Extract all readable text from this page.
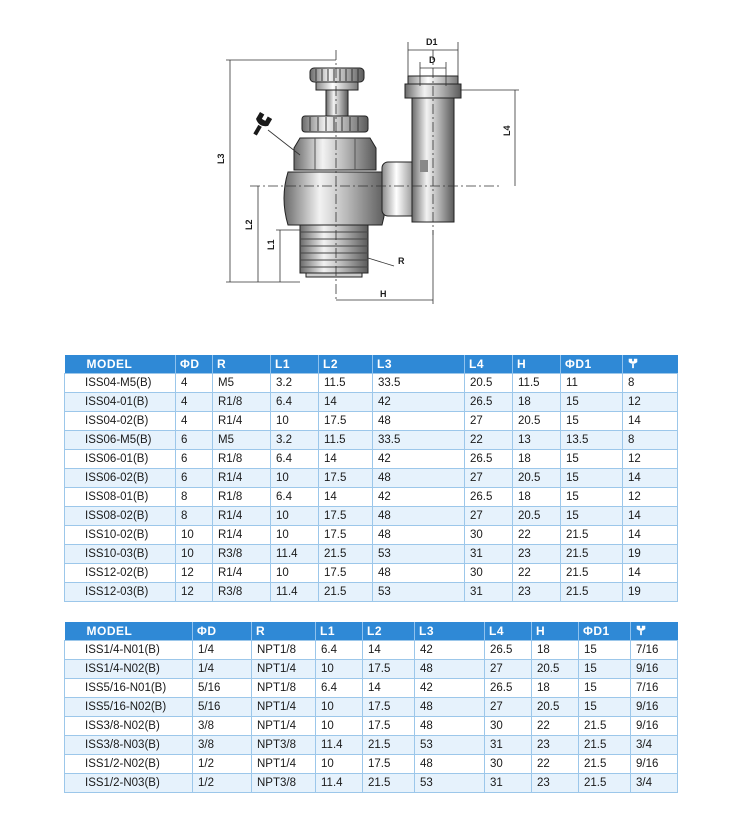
D1
D
L4
L3
L2
L1
R
H
MODEL	ΦD	R	L1	L2	L3	L4	H	ΦD1	
ISS04-M5(B)	4	M5	3.2	11.5	33.5	20.5	11.5	11	8
ISS04-01(B)	4	R1/8	6.4	14	42	26.5	18	15	12
ISS04-02(B)	4	R1/4	10	17.5	48	27	20.5	15	14
ISS06-M5(B)	6	M5	3.2	11.5	33.5	22	13	13.5	8
ISS06-01(B)	6	R1/8	6.4	14	42	26.5	18	15	12
ISS06-02(B)	6	R1/4	10	17.5	48	27	20.5	15	14
ISS08-01(B)	8	R1/8	6.4	14	42	26.5	18	15	12
ISS08-02(B)	8	R1/4	10	17.5	48	27	20.5	15	14
ISS10-02(B)	10	R1/4	10	17.5	48	30	22	21.5	14
ISS10-03(B)	10	R3/8	11.4	21.5	53	31	23	21.5	19
ISS12-02(B)	12	R1/4	10	17.5	48	30	22	21.5	14
ISS12-03(B)	12	R3/8	11.4	21.5	53	31	23	21.5	19
MODEL	ΦD	R	L1	L2	L3	L4	H	ΦD1	
ISS1/4-N01(B)	1/4	NPT1/8	6.4	14	42	26.5	18	15	7/16
ISS1/4-N02(B)	1/4	NPT1/4	10	17.5	48	27	20.5	15	9/16
ISS5/16-N01(B)	5/16	NPT1/8	6.4	14	42	26.5	18	15	7/16
ISS5/16-N02(B)	5/16	NPT1/4	10	17.5	48	27	20.5	15	9/16
ISS3/8-N02(B)	3/8	NPT1/4	10	17.5	48	30	22	21.5	9/16
ISS3/8-N03(B)	3/8	NPT3/8	11.4	21.5	53	31	23	21.5	3/4
ISS1/2-N02(B)	1/2	NPT1/4	10	17.5	48	30	22	21.5	9/16
ISS1/2-N03(B)	1/2	NPT3/8	11.4	21.5	53	31	23	21.5	3/4
